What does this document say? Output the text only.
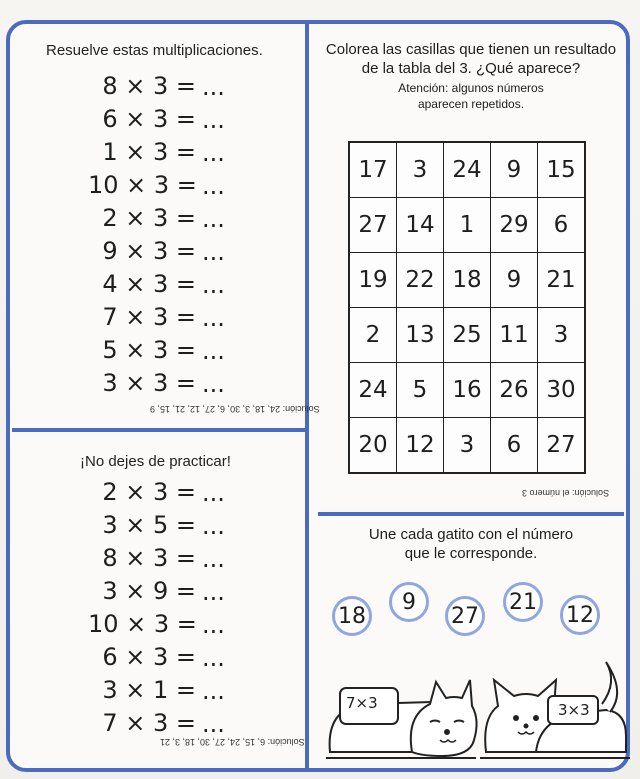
Resuelve estas multiplicaciones.
8 × 3 = ...
6 × 3 = ...
1 × 3 = ...
10 × 3 = ...
2 × 3 = ...
9 × 3 = ...
4 × 3 = ...
7 × 3 = ...
5 × 3 = ...
3 × 3 = ...
Solución: 24, 18, 3, 30, 6, 27, 12, 21, 15, 9
¡No dejes de practicar!
2 × 3 = ...
3 × 5 = ...
8 × 3 = ...
3 × 9 = ...
10 × 3 = ...
6 × 3 = ...
3 × 1 = ...
7 × 3 = ...
Solución: 6, 15, 24, 27, 30, 18, 3, 21
Colorea las casillas que tienen un resultado
de la tabla del 3. ¿Qué aparece?
Atención: algunos números
aparecen repetidos.
17	3	24	9	15
27	14	1	29	6
19	22	18	9	21
2	13	25	11	3
24	5	16	26	30
20	12	3	6	27
Solución: el número 3
Une cada gatito con el número
que le corresponde.
18
9
27
21
12
7×3	3×3
